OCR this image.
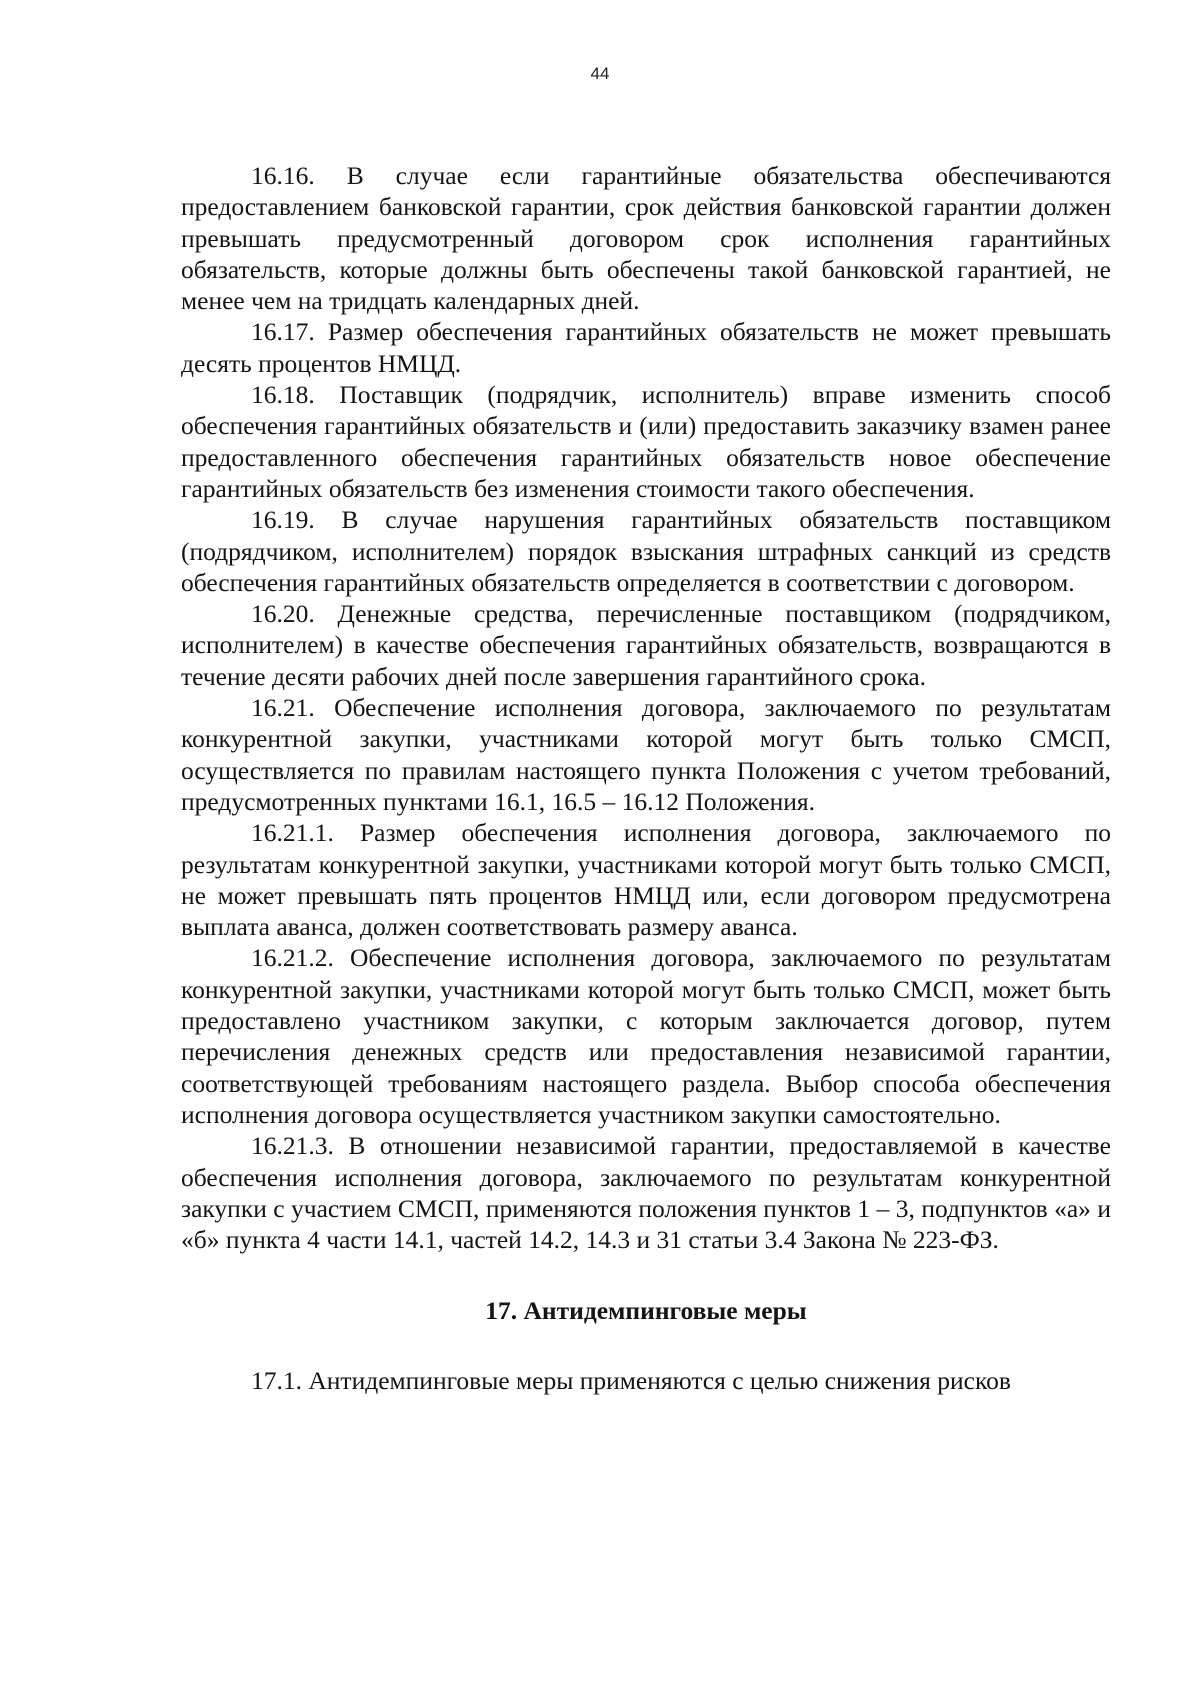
44

16.16. В случае если гарантийные обязательства обеспечиваются предоставлением банковской гарантии, срок действия банковской гарантии должен превышать предусмотренный договором срок исполнения гарантийных обязательств, которые должны быть обеспечены такой банковской гарантией, не менее чем на тридцать календарных дней.

16.17. Размер обеспечения гарантийных обязательств не может превышать десять процентов НМЦД.

16.18. Поставщик (подрядчик, исполнитель) вправе изменить способ обеспечения гарантийных обязательств и (или) предоставить заказчику взамен ранее предоставленного обеспечения гарантийных обязательств новое обеспечение гарантийных обязательств без изменения стоимости такого обеспечения.

16.19. В случае нарушения гарантийных обязательств поставщиком (подрядчиком, исполнителем) порядок взыскания штрафных санкций из средств обеспечения гарантийных обязательств определяется в соответствии с договором.

16.20. Денежные средства, перечисленные поставщиком (подрядчиком, исполнителем) в качестве обеспечения гарантийных обязательств, возвращаются в течение десяти рабочих дней после завершения гарантийного срока.

16.21. Обеспечение исполнения договора, заключаемого по результатам конкурентной закупки, участниками которой могут быть только СМСП, осуществляется по правилам настоящего пункта Положения с учетом требований, предусмотренных пунктами 16.1, 16.5 – 16.12 Положения.

16.21.1. Размер обеспечения исполнения договора, заключаемого по результатам конкурентной закупки, участниками которой могут быть только СМСП, не может превышать пять процентов НМЦД или, если договором предусмотрена выплата аванса, должен соответствовать размеру аванса.

16.21.2. Обеспечение исполнения договора, заключаемого по результатам конкурентной закупки, участниками которой могут быть только СМСП, может быть предоставлено участником закупки, с которым заключается договор, путем перечисления денежных средств или предоставления независимой гарантии, соответствующей требованиям настоящего раздела. Выбор способа обеспечения исполнения договора осуществляется участником закупки самостоятельно.

16.21.3. В отношении независимой гарантии, предоставляемой в качестве обеспечения исполнения договора, заключаемого по результатам конкурентной закупки с участием СМСП, применяются положения пунктов 1 – 3, подпунктов «а» и «б» пункта 4 части 14.1, частей 14.2, 14.3 и 31 статьи 3.4 Закона № 223-ФЗ.

17. Антидемпинговые меры

17.1. Антидемпинговые меры применяются с целью снижения рисков
